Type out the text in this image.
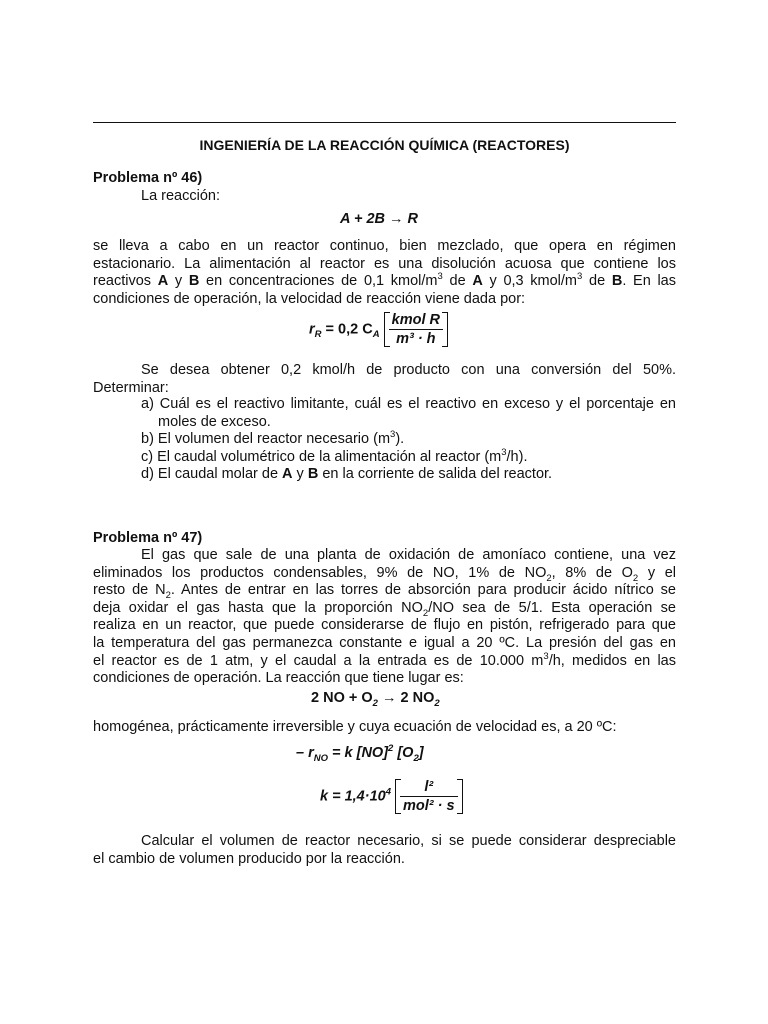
INGENIERÍA DE LA REACCIÓN QUÍMICA (REACTORES)
Problema nº 46)
La reacción:
A + 2B → R
se lleva a cabo en un reactor continuo, bien mezclado, que opera en régimen
estacionario. La alimentación al reactor es una disolución acuosa que contiene los
reactivos A y B en concentraciones de 0,1 kmol/$m^3$ de A y 0,3 kmol/$m^3$ de B. En las
condiciones de operación, la velocidad de reacción viene dada por:
$r_R = 0,2$ $C_A \frac{\text{kmol R}}{\text{m³ · h}}$
Se desea obtener 0,2 kmol/h de producto con una conversión del 50%.
Determinar:
a) Cuál es el reactivo limitante, cuál es el reactivo en exceso y el porcentaje en
moles de exceso.
b) El volumen del reactor necesario $(m^3)$.
c) El caudal volumétrico de la alimentación al reactor $(m^3/h)$.
d) El caudal molar de A y B en la corriente de salida del reactor.
Problema nº 47)
El gas que sale de una planta de oxidación de amoníaco contiene, una vez
eliminados los productos condensables, 9% de NO, 1% de $NO_2$, 8% de $O_2$ y el
resto de $N_2$. Antes de entrar en las torres de absorción para producir ácido nítrico se
deja oxidar el gas hasta que la proporción $NO_2/NO$ sea de 5/1. Esta operación se
realiza en un reactor, que puede considerarse de flujo en pistón, refrigerado para que
la temperatura del gas permanezca constante e igual a 20 ºC. La presión del gas en
el reactor es de 1 atm, y el caudal a la entrada es de 10.000 $m^3/h$, medidos en las
condiciones de operación. La reacción que tiene lugar es:
2 NO + $O_2 \to 2$ $NO_2$
homogénea, prácticamente irreversible y cuya ecuación de velocidad es, a 20 ºC:
– $r_{NO} = k$ [NO]$^2$ $[O_2]$
$k = 1,4\cdot 10^4 \frac{\text{l²}}{\text{mol² · s}}$
Calcular el volumen de reactor necesario, si se puede considerar despreciable
el cambio de volumen producido por la reacción.
